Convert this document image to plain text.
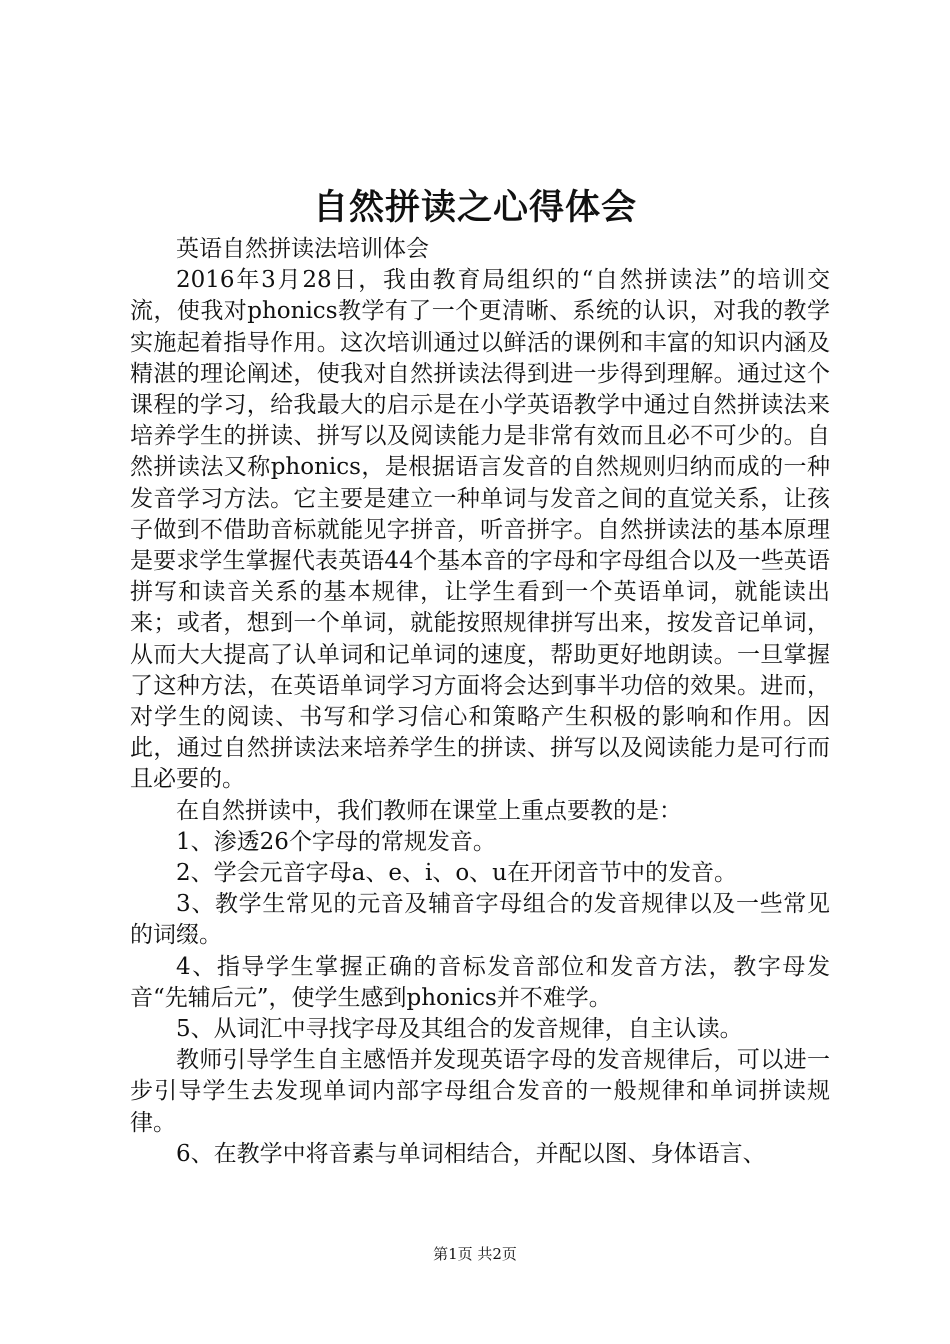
自然拼读之心得体会

英语自然拼读法培训体会

2016年3月28日，我由教育局组织的“自然拼读法”的培训交流，使我对phonics教学有了一个更清晰、系统的认识，对我的教学实施起着指导作用。这次培训通过以鲜活的课例和丰富的知识内涵及精湛的理论阐述，使我对自然拼读法得到进一步得到理解。通过这个课程的学习，给我最大的启示是在小学英语教学中通过自然拼读法来培养学生的拼读、拼写以及阅读能力是非常有效而且必不可少的。自然拼读法又称phonics，是根据语言发音的自然规则归纳而成的一种发音学习方法。它主要是建立一种单词与发音之间的直觉关系，让孩子做到不借助音标就能见字拼音，听音拼字。自然拼读法的基本原理是要求学生掌握代表英语44个基本音的字母和字母组合以及一些英语拼写和读音关系的基本规律，让学生看到一个英语单词，就能读出来；或者，想到一个单词，就能按照规律拼写出来，按发音记单词，从而大大提高了认单词和记单词的速度，帮助更好地朗读。一旦掌握了这种方法，在英语单词学习方面将会达到事半功倍的效果。进而，对学生的阅读、书写和学习信心和策略产生积极的影响和作用。因此，通过自然拼读法来培养学生的拼读、拼写以及阅读能力是可行而且必要的。

在自然拼读中，我们教师在课堂上重点要教的是：

1、渗透26个字母的常规发音。

2、学会元音字母a、e、i、o、u在开闭音节中的发音。

3、教学生常见的元音及辅音字母组合的发音规律以及一些常见的词缀。

4、指导学生掌握正确的音标发音部位和发音方法，教字母发音“先辅后元”，使学生感到phonics并不难学。

5、从词汇中寻找字母及其组合的发音规律，自主认读。

教师引导学生自主感悟并发现英语字母的发音规律后，可以进一步引导学生去发现单词内部字母组合发音的一般规律和单词拼读规律。

6、在教学中将音素与单词相结合，并配以图、身体语言、

第1页 共2页
